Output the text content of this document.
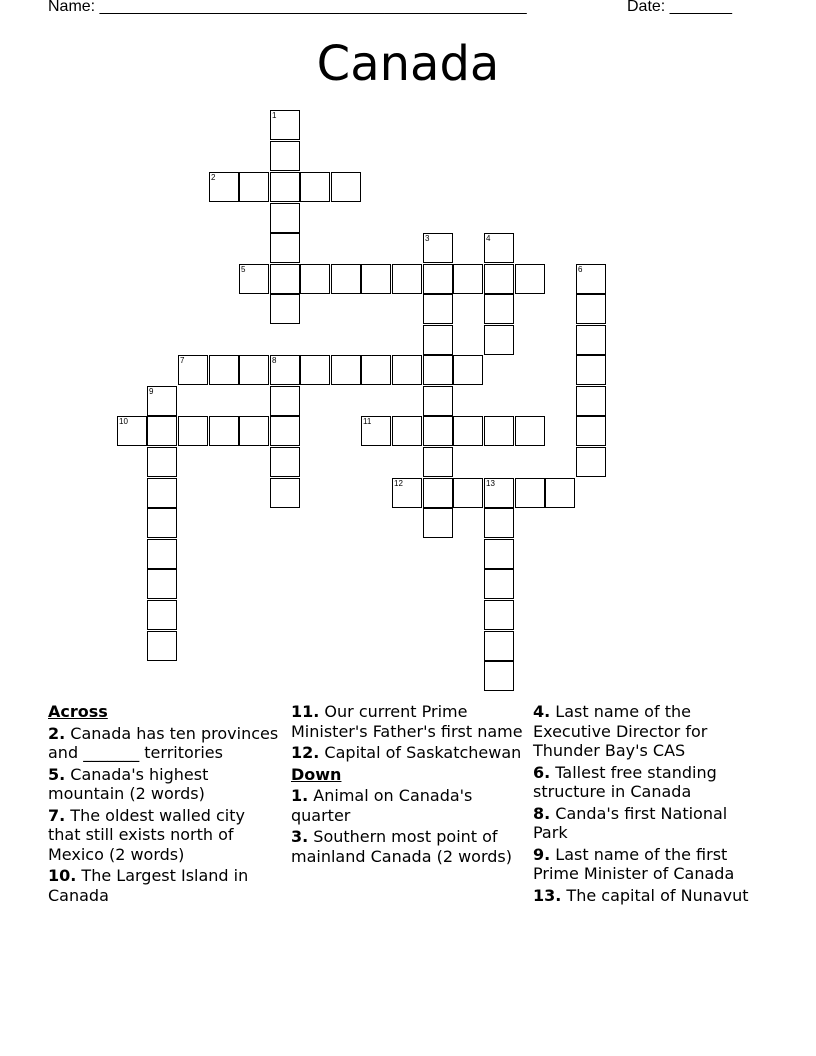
Name: ________________________________________________	Date: _______
Canada
1
2
5
3	4
6
7	8
9
10	11
12	13
Across
2. Canada has ten provinces and _______ territories
5. Canada's highest mountain (2 words)
7. The oldest walled city that still exists north of Mexico (2 words)
10. The Largest Island in Canada
11. Our current Prime Minister's Father's first name
12. Capital of Saskatchewan
Down
1. Animal on Canada's quarter
3. Southern most point of mainland Canada (2 words)
4. Last name of the Executive Director for Thunder Bay's CAS
6. Tallest free standing structure in Canada
8. Canda's first National Park
9. Last name of the first Prime Minister of Canada
13. The capital of Nunavut
